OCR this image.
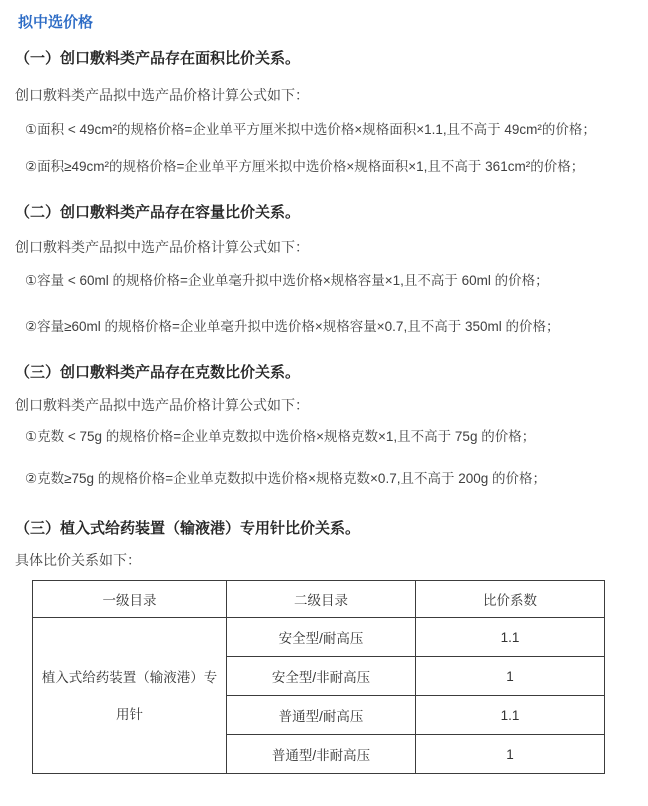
拟中选价格
（一）创口敷料类产品存在面积比价关系。
创口敷料类产品拟中选产品价格计算公式如下：
①面积 < 49cm²的规格价格=企业单平方厘米拟中选价格×规格面积×1.1,且不高于 49cm²的价格；
②面积≥49cm²的规格价格=企业单平方厘米拟中选价格×规格面积×1,且不高于 361cm²的价格；
（二）创口敷料类产品存在容量比价关系。
创口敷料类产品拟中选产品价格计算公式如下：
①容量 < 60ml 的规格价格=企业单毫升拟中选价格×规格容量×1,且不高于 60ml 的价格；
②容量≥60ml 的规格价格=企业单毫升拟中选价格×规格容量×0.7,且不高于 350ml 的价格；
（三）创口敷料类产品存在克数比价关系。
创口敷料类产品拟中选产品价格计算公式如下：
①克数 < 75g 的规格价格=企业单克数拟中选价格×规格克数×1,且不高于 75g 的价格；
②克数≥75g 的规格价格=企业单克数拟中选价格×规格克数×0.7,且不高于 200g 的价格；
（三）植入式给药装置（输液港）专用针比价关系。
具体比价关系如下：
一级目录	二级目录	比价系数
植入式给药装置（输液港）专用针	安全型/耐高压	1.1
	安全型/非耐高压	1
	普通型/耐高压	1.1
	普通型/非耐高压	1
